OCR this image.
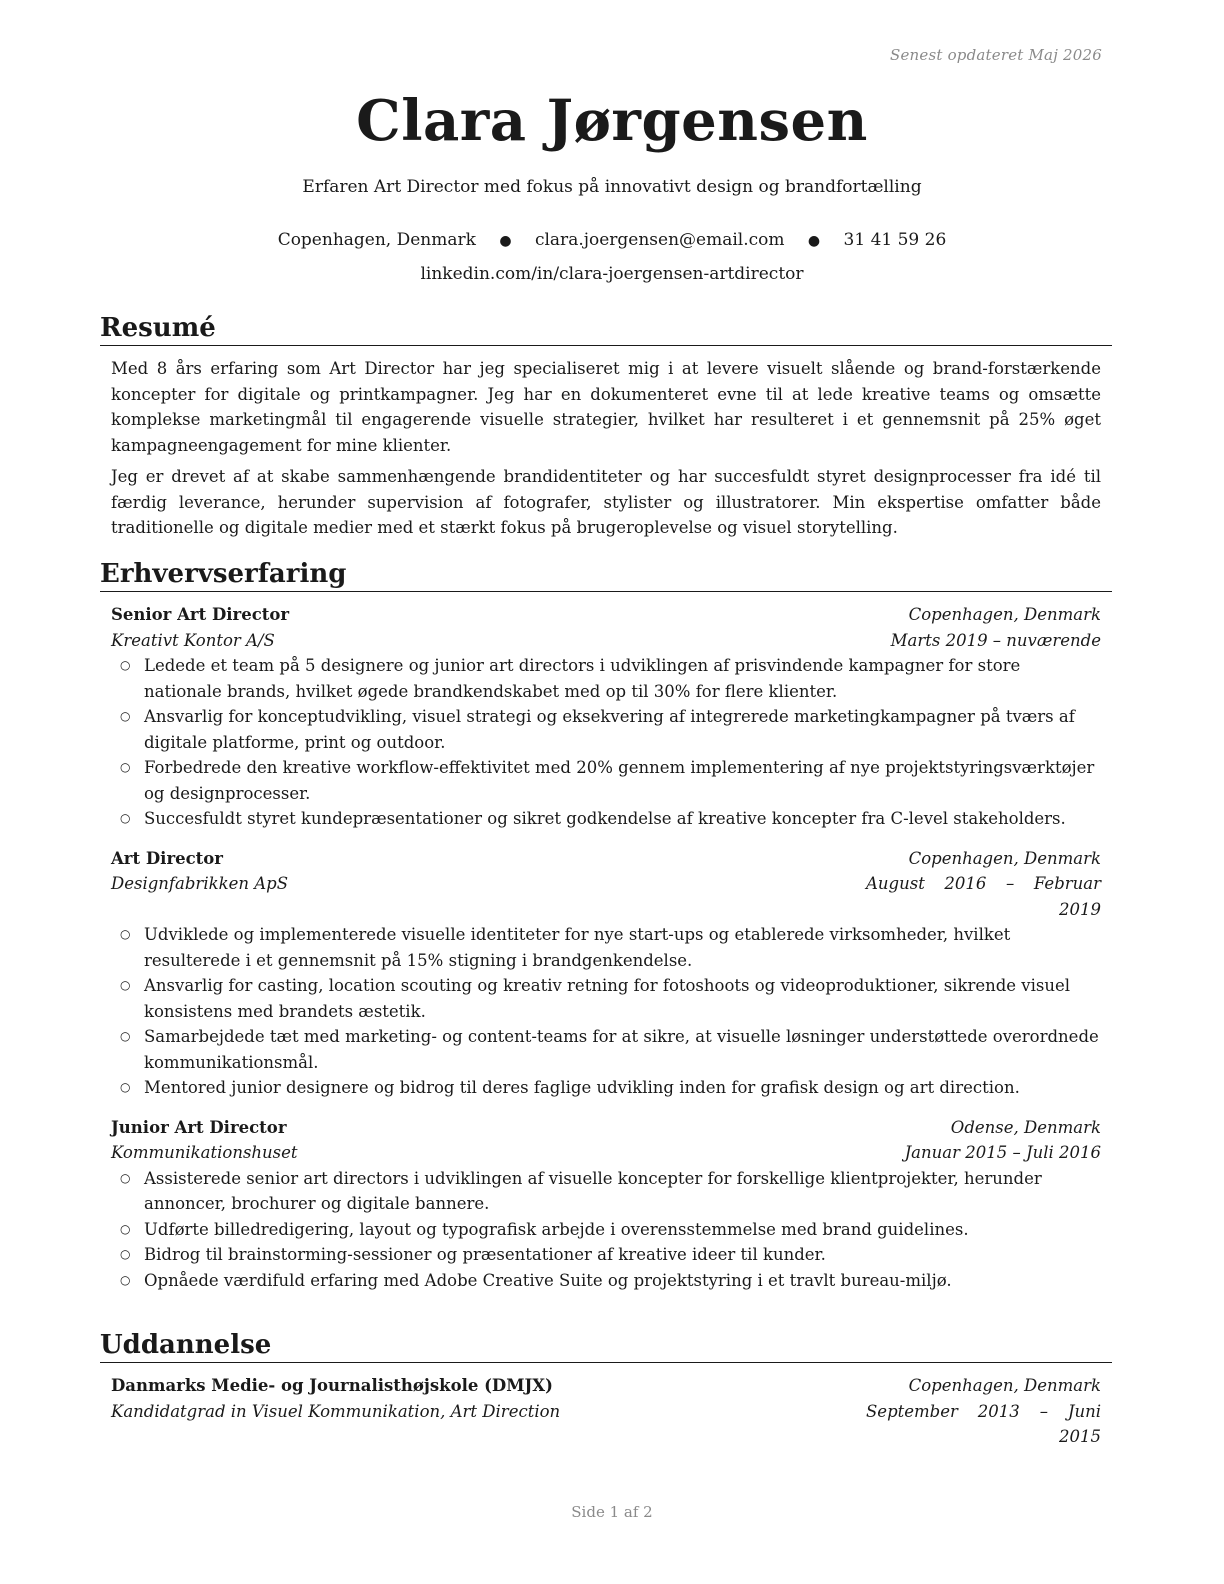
Senest opdateret Maj 2026
Clara Jørgensen
Erfaren Art Director med fokus på innovativt design og brandfortælling
Copenhagen, Denmark ● clara.joergensen@email.com ● 31 41 59 26
linkedin.com/in/clara-joergensen-artdirector
Resumé

Med 8 års erfaring som Art Director har jeg specialiseret mig i at levere visuelt slående og brand-forstærkende koncepter for digitale og printkampagner. Jeg har en dokumenteret evne til at lede kreative teams og omsætte komplekse marketingmål til engagerende visuelle strategier, hvilket har resulteret i et gennemsnit på 25% øget kampagneengagement for mine klienter.

Jeg er drevet af at skabe sammenhængende brandidentiteter og har succesfuldt styret designprocesser fra idé til færdig leverance, herunder supervision af fotografer, stylister og illustratorer. Min ekspertise omfatter både traditionelle og digitale medier med et stærkt fokus på brugeroplevelse og visuel storytelling.

Erhvervserfaring
Senior Art Director	Copenhagen, Denmark
Kreativt Kontor A/S	Marts 2019 – nuværende
○ Ledede et team på 5 designere og junior art directors i udviklingen af prisvindende kampagner for store nationale brands, hvilket øgede brandkendskabet med op til 30% for flere klienter.
○ Ansvarlig for konceptudvikling, visuel strategi og eksekvering af integrerede marketingkampagner på tværs af digitale platforme, print og outdoor.
○ Forbedrede den kreative workflow-effektivitet med 20% gennem implementering af nye projektstyringsværktøjer og designprocesser.
○ Succesfuldt styret kundepræsentationer og sikret godkendelse af kreative koncepter fra C-level stakeholders.
Art Director	Copenhagen, Denmark
Designfabrikken ApS	August 2016 – Februar 2019
○ Udviklede og implementerede visuelle identiteter for nye start-ups og etablerede virksomheder, hvilket resulterede i et gennemsnit på 15% stigning i brandgenkendelse.
○ Ansvarlig for casting, location scouting og kreativ retning for fotoshoots og videoproduktioner, sikrende visuel konsistens med brandets æstetik.
○ Samarbejdede tæt med marketing- og content-teams for at sikre, at visuelle løsninger understøttede overordnede kommunikationsmål.
○ Mentored junior designere og bidrog til deres faglige udvikling inden for grafisk design og art direction.
Junior Art Director	Odense, Denmark
Kommunikationshuset	Januar 2015 – Juli 2016
○ Assisterede senior art directors i udviklingen af visuelle koncepter for forskellige klientprojekter, herunder annoncer, brochurer og digitale bannere.
○ Udførte billedredigering, layout og typografisk arbejde i overensstemmelse med brand guidelines.
○ Bidrog til brainstorming-sessioner og præsentationer af kreative ideer til kunder.
○ Opnåede værdifuld erfaring med Adobe Creative Suite og projektstyring i et travlt bureau-miljø.
Uddannelse
Danmarks Medie- og Journalisthøjskole (DMJX)	Copenhagen, Denmark
Kandidatgrad in Visuel Kommunikation, Art Direction	September 2013 – Juni 2015
Side 1 af 2
